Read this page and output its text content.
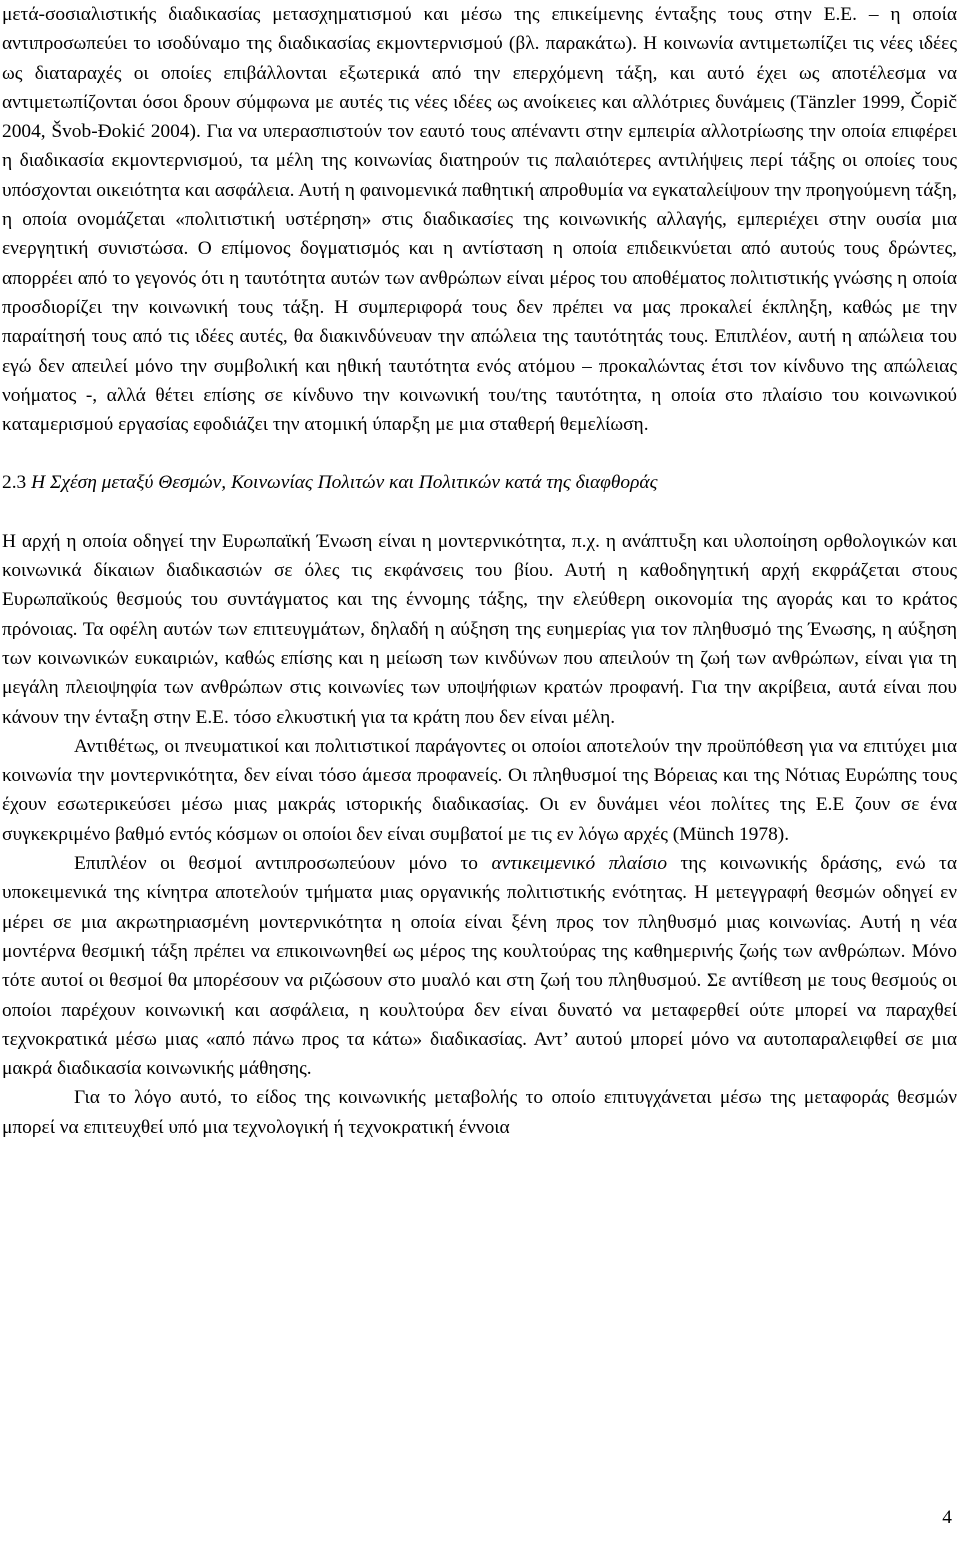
μετά-σοσιαλιστικής διαδικασίας μετασχηματισμού και μέσω της επικείμενης ένταξης τους στην Ε.Ε. – η οποία αντιπροσωπεύει το ισοδύναμο της διαδικασίας εκμοντερνισμού (βλ. παρακάτω). Η κοινωνία αντιμετωπίζει τις νέες ιδέες ως διαταραχές οι οποίες επιβάλλονται εξωτερικά από την επερχόμενη τάξη, και αυτό έχει ως αποτέλεσμα να αντιμετωπίζονται όσοι δρουν σύμφωνα με αυτές τις νέες ιδέες ως ανοίκειες και αλλότριες δυνάμεις (Tänzler 1999, Čopič 2004, Švob-Đokić 2004). Για να υπερασπιστούν τον εαυτό τους απέναντι στην εμπειρία αλλοτρίωσης την οποία επιφέρει η διαδικασία εκμοντερνισμού, τα μέλη της κοινωνίας διατηρούν τις παλαιότερες αντιλήψεις περί τάξης οι οποίες τους υπόσχονται οικειότητα και ασφάλεια. Αυτή η φαινομενικά παθητική απροθυμία να εγκαταλείψουν την προηγούμενη τάξη, η οποία ονομάζεται «πολιτιστική υστέρηση» στις διαδικασίες της κοινωνικής αλλαγής, εμπεριέχει στην ουσία μια ενεργητική συνιστώσα. Ο επίμονος δογματισμός και η αντίσταση η οποία επιδεικνύεται από αυτούς τους δρώντες, απορρέει από το γεγονός ότι η ταυτότητα αυτών των ανθρώπων είναι μέρος του αποθέματος πολιτιστικής γνώσης η οποία προσδιορίζει την κοινωνική τους τάξη. Η συμπεριφορά τους δεν πρέπει να μας προκαλεί έκπληξη, καθώς με την παραίτησή τους από τις ιδέες αυτές, θα διακινδύνευαν την απώλεια της ταυτότητάς τους. Επιπλέον, αυτή η απώλεια του εγώ δεν απειλεί μόνο την συμβολική και ηθική ταυτότητα ενός ατόμου – προκαλώντας έτσι τον κίνδυνο της απώλειας νοήματος -, αλλά θέτει επίσης σε κίνδυνο την κοινωνική του/της ταυτότητα, η οποία στο πλαίσιο του κοινωνικού καταμερισμού εργασίας εφοδιάζει την ατομική ύπαρξη με μια σταθερή θεμελίωση.

2.3 Η Σχέση μεταξύ Θεσμών, Κοινωνίας Πολιτών και Πολιτικών κατά της διαφθοράς

Η αρχή η οποία οδηγεί την Ευρωπαϊκή Ένωση είναι η μοντερνικότητα, π.χ. η ανάπτυξη και υλοποίηση ορθολογικών και κοινωνικά δίκαιων διαδικασιών σε όλες τις εκφάνσεις του βίου. Αυτή η καθοδηγητική αρχή εκφράζεται στους Ευρωπαϊκούς θεσμούς του συντάγματος και της έννομης τάξης, την ελεύθερη οικονομία της αγοράς και το κράτος πρόνοιας. Τα οφέλη αυτών των επιτευγμάτων, δηλαδή η αύξηση της ευημερίας για τον πληθυσμό της Ένωσης, η αύξηση των κοινωνικών ευκαιριών, καθώς επίσης και η μείωση των κινδύνων που απειλούν τη ζωή των ανθρώπων, είναι για τη μεγάλη πλειοψηφία των ανθρώπων στις κοινωνίες των υποψήφιων κρατών προφανή. Για την ακρίβεια, αυτά είναι που κάνουν την ένταξη στην Ε.Ε. τόσο ελκυστική για τα κράτη που δεν είναι μέλη.

Αντιθέτως, οι πνευματικοί και πολιτιστικοί παράγοντες οι οποίοι αποτελούν την προϋπόθεση για να επιτύχει μια κοινωνία την μοντερνικότητα, δεν είναι τόσο άμεσα προφανείς. Οι πληθυσμοί της Βόρειας και της Νότιας Ευρώπης τους έχουν εσωτερικεύσει μέσω μιας μακράς ιστορικής διαδικασίας. Οι εν δυνάμει νέοι πολίτες της Ε.Ε ζουν σε ένα συγκεκριμένο βαθμό εντός κόσμων οι οποίοι δεν είναι συμβατοί με τις εν λόγω αρχές (Münch 1978).

Επιπλέον οι θεσμοί αντιπροσωπεύουν μόνο το αντικειμενικό πλαίσιο της κοινωνικής δράσης, ενώ τα υποκειμενικά της κίνητρα αποτελούν τμήματα μιας οργανικής πολιτιστικής ενότητας. Η μετεγγραφή θεσμών οδηγεί εν μέρει σε μια ακρωτηριασμένη μοντερνικότητα η οποία είναι ξένη προς τον πληθυσμό μιας κοινωνίας. Αυτή η νέα μοντέρνα θεσμική τάξη πρέπει να επικοινωνηθεί ως μέρος της κουλτούρας της καθημερινής ζωής των ανθρώπων. Μόνο τότε αυτοί οι θεσμοί θα μπορέσουν να ριζώσουν στο μυαλό και στη ζωή του πληθυσμού. Σε αντίθεση με τους θεσμούς οι οποίοι παρέχουν κοινωνική και ασφάλεια, η κουλτούρα δεν είναι δυνατό να μεταφερθεί ούτε μπορεί να παραχθεί τεχνοκρατικά μέσω μιας «από πάνω προς τα κάτω» διαδικασίας. Αντ’ αυτού μπορεί μόνο να αυτοπαραλειφθεί σε μια μακρά διαδικασία κοινωνικής μάθησης.

Για το λόγο αυτό, το είδος της κοινωνικής μεταβολής το οποίο επιτυγχάνεται μέσω της μεταφοράς θεσμών μπορεί να επιτευχθεί υπό μια τεχνολογική ή τεχνοκρατική έννοια

4
